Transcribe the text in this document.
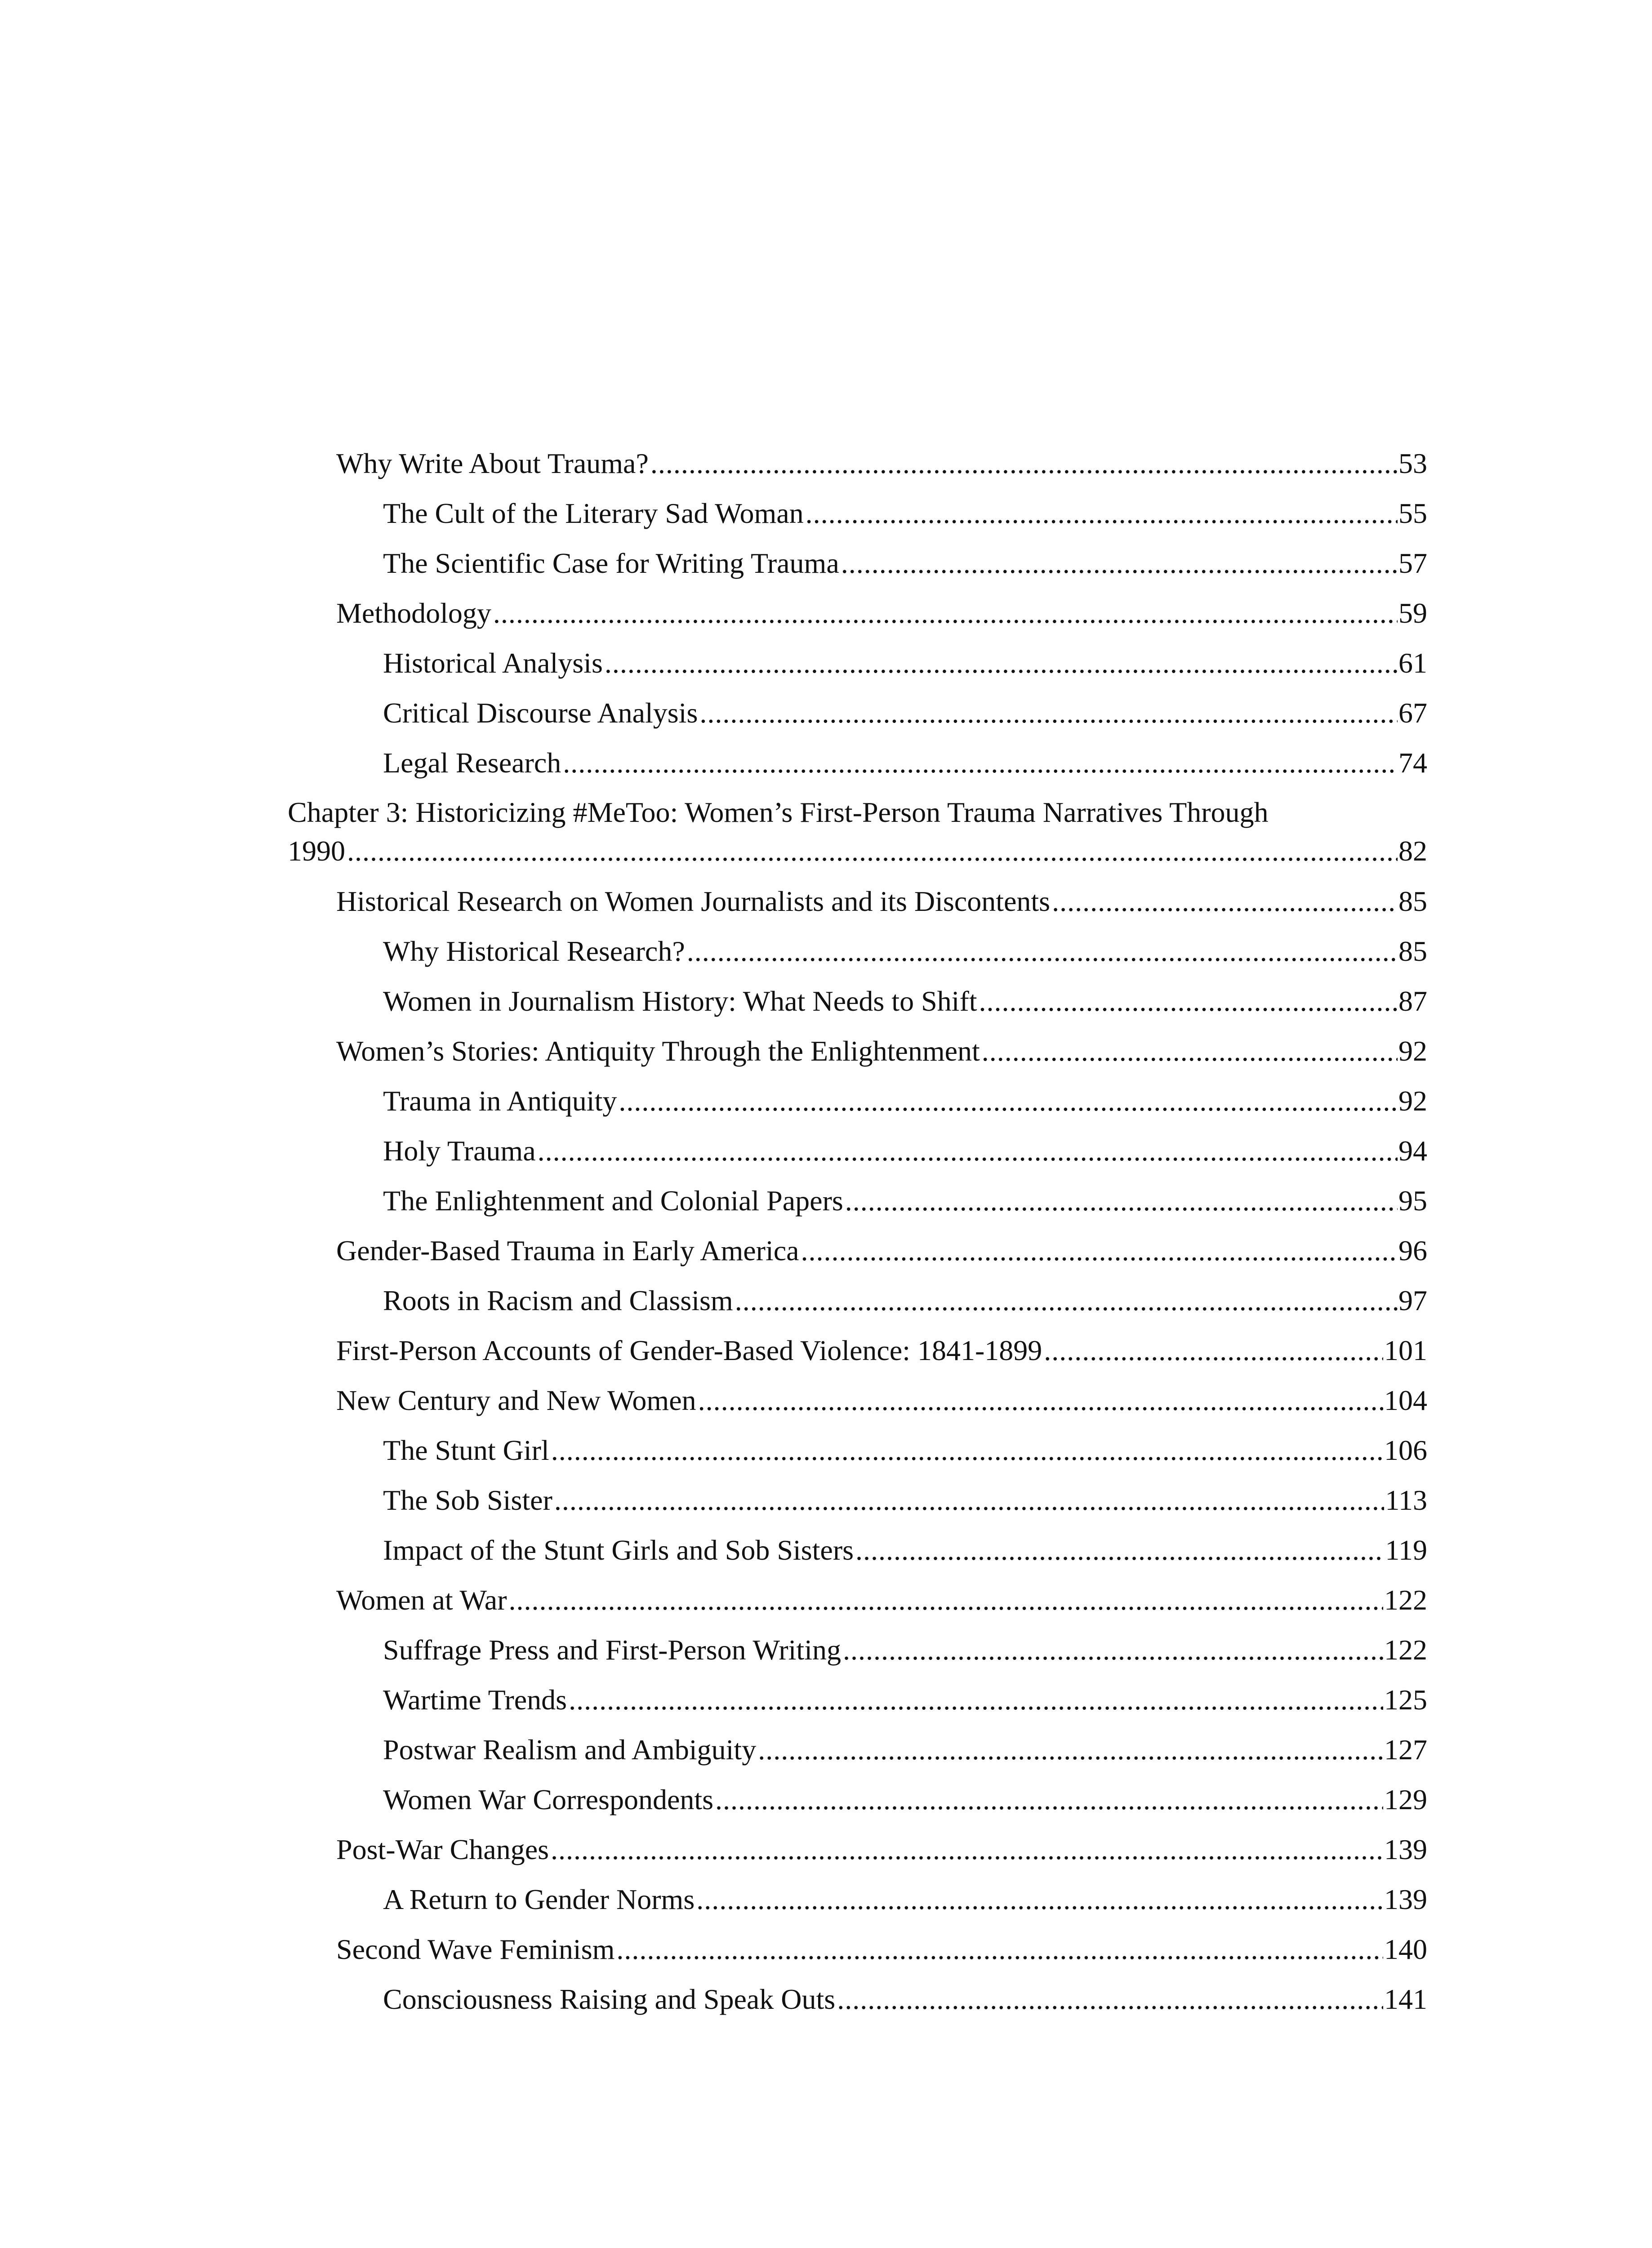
Why Write About Trauma? .....	53
The Cult of the Literary Sad Woman .....	55
The Scientific Case for Writing Trauma .....	57
Methodology .....	59
Historical Analysis .....	61
Critical Discourse Analysis .....	67
Legal Research .....	74
Chapter 3: Historicizing #MeToo: Women’s First-Person Trauma Narratives Through
1990 .....	82
Historical Research on Women Journalists and its Discontents .....	85
Why Historical Research? .....	85
Women in Journalism History: What Needs to Shift .....	87
Women’s Stories: Antiquity Through the Enlightenment .....	92
Trauma in Antiquity .....	92
Holy Trauma .....	94
The Enlightenment and Colonial Papers .....	95
Gender-Based Trauma in Early America .....	96
Roots in Racism and Classism .....	97
First-Person Accounts of Gender-Based Violence: 1841-1899 .....	101
New Century and New Women .....	104
The Stunt Girl .....	106
The Sob Sister .....	113
Impact of the Stunt Girls and Sob Sisters .....	119
Women at War .....	122
Suffrage Press and First-Person Writing .....	122
Wartime Trends .....	125
Postwar Realism and Ambiguity .....	127
Women War Correspondents .....	129
Post-War Changes .....	139
A Return to Gender Norms .....	139
Second Wave Feminism .....	140
Consciousness Raising and Speak Outs .....	141
